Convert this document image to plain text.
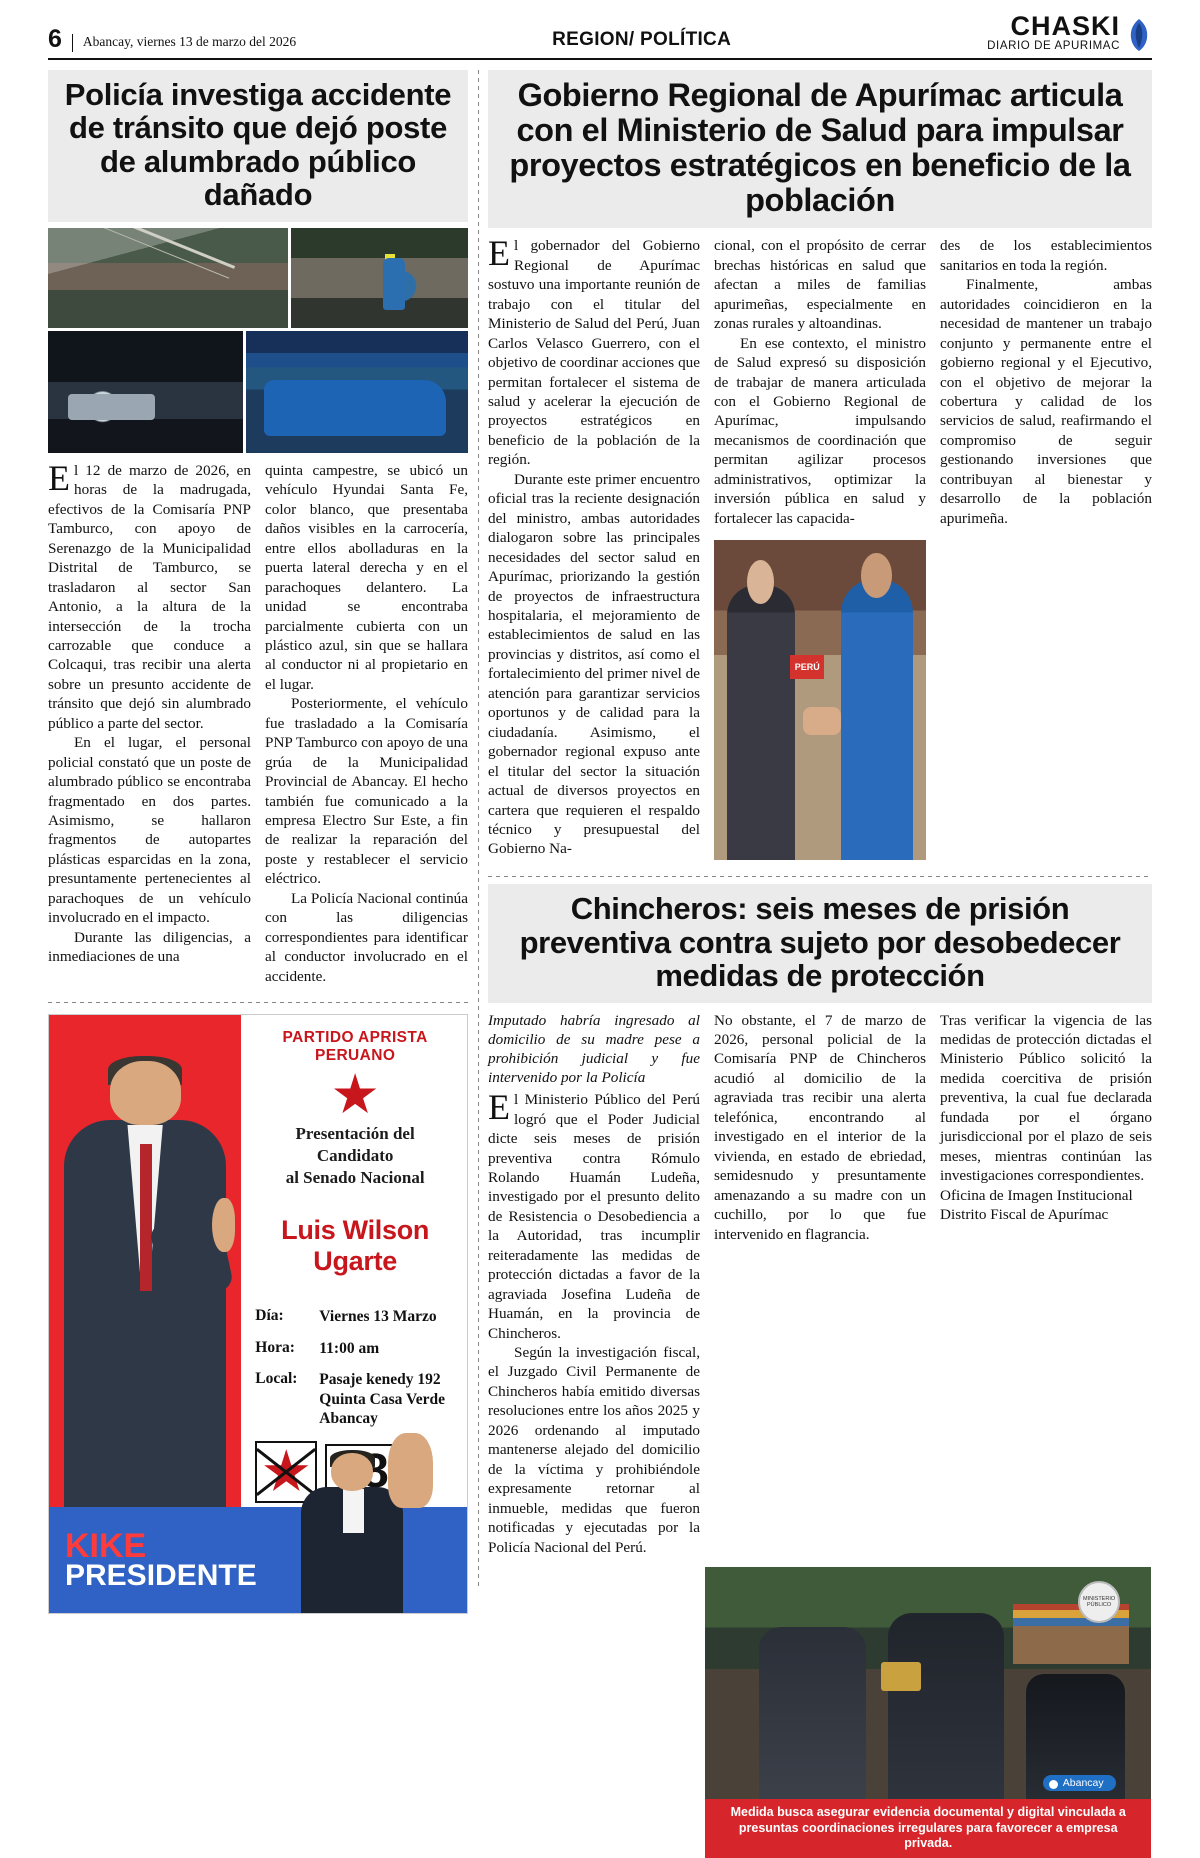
6	Abancay, viernes 13 de marzo del 2026	REGION/ POLÍTICA	CHASKI
DIARIO DE APURIMAC
Policía investiga accidente de tránsito que dejó poste de alumbrado público dañado

El 12 de marzo de 2026, en horas de la madrugada, efectivos de la Comisaría PNP Tamburco, con apoyo de Serenazgo de la Municipalidad Distrital de Tamburco, se trasladaron al sector San Antonio, a la altura de la intersección de la trocha carrozable que conduce a Colcaqui, tras recibir una alerta sobre un presunto accidente de tránsito que dejó sin alumbrado público a parte del sector.

En el lugar, el personal policial constató que un poste de alumbrado público se encontraba fragmentado en dos partes. Asimismo, se hallaron fragmentos de autopartes plásticas esparcidas en la zona, presuntamente pertenecientes al parachoques de un vehículo involucrado en el impacto.

Durante las diligencias, a inmediaciones de una

quinta campestre, se ubicó un vehículo Hyundai Santa Fe, color blanco, que presentaba daños visibles en la carrocería, entre ellos abolladuras en la puerta lateral derecha y en el parachoques delantero. La unidad se encontraba parcialmente cubierta con un plástico azul, sin que se hallara al conductor ni al propietario en el lugar.

Posteriormente, el vehículo fue trasladado a la Comisaría PNP Tamburco con apoyo de una grúa de la Municipalidad Provincial de Abancay. El hecho también fue comunicado a la empresa Electro Sur Este, a fin de realizar la reparación del poste y restablecer el servicio eléctrico.

La Policía Nacional continúa con las diligencias correspondientes para identificar al conductor involucrado en el accidente.

PARTIDO APRISTA PERUANO
Presentación del Candidato
al Senado Nacional
Luis Wilson Ugarte
Día:	Viernes 13 Marzo
Hora:	11:00 am
Local:	Pasaje kenedy 192 Quinta Casa Verde Abancay
KIKE
PRESIDENTE
Gobierno Regional de Apurímac articula con el Ministerio de Salud para impulsar proyectos estratégicos en beneficio de la población

El gobernador del Gobierno Regional de Apurímac sostuvo una importante reunión de trabajo con el titular del Ministerio de Salud del Perú, Juan Carlos Velasco Guerrero, con el objetivo de coordinar acciones que permitan fortalecer el sistema de salud y acelerar la ejecución de proyectos estratégicos en beneficio de la población de la región.

Durante este primer encuentro oficial tras la reciente designación del ministro, ambas autoridades dialogaron sobre las principales necesidades del sector salud en Apurímac, priorizando la gestión de proyectos de infraestructura hospitalaria, el mejoramiento de establecimientos de salud en las provincias y distritos, así como el fortalecimiento del primer nivel de atención para garantizar servicios oportunos y de calidad para la ciudadanía. Asimismo, el gobernador regional expuso ante el titular del sector la situación actual de diversos proyectos en cartera que requieren el respaldo técnico y presupuestal del Gobierno Na-

cional, con el propósito de cerrar brechas históricas en salud que afectan a miles de familias apurimeñas, especialmente en zonas rurales y altoandinas.

En ese contexto, el ministro de Salud expresó su disposición de trabajar de manera articulada con el Gobierno Regional de Apurímac, impulsando mecanismos de coordinación que permitan agilizar procesos administrativos, optimizar la inversión pública en salud y fortalecer las capacida-

PERÚ

des de los establecimientos sanitarios en toda la región.

Finalmente, ambas autoridades coincidieron en la necesidad de mantener un trabajo conjunto y permanente entre el gobierno regional y el Ejecutivo, con el objetivo de mejorar la cobertura y calidad de los servicios de salud, reafirmando el compromiso de seguir gestionando inversiones que contribuyan al bienestar y desarrollo de la población apurimeña.

Chincheros: seis meses de prisión preventiva contra sujeto por desobedecer medidas de protección

Imputado habría ingresado al domicilio de su madre pese a prohibición judicial y fue intervenido por la Policía

El Ministerio Público del Perú logró que el Poder Judicial dicte seis meses de prisión preventiva contra Rómulo Rolando Huamán Ludeña, investigado por el presunto delito de Resistencia o Desobediencia a la Autoridad, tras incumplir reiteradamente las medidas de protección dictadas a favor de la agraviada Josefina Ludeña de Huamán, en la provincia de Chincheros.

Según la investigación fiscal, el Juzgado Civil Permanente de Chincheros había emitido diversas resoluciones entre los años 2025 y 2026 ordenando al imputado mantenerse alejado del domicilio de la víctima y prohibiéndole expresamente retornar al inmueble, medidas que fueron notificadas y ejecutadas por la Policía Nacional del Perú.

No obstante, el 7 de marzo de 2026, personal policial de la Comisaría PNP de Chincheros acudió al domicilio de la agraviada tras recibir una alerta telefónica, encontrando al investigado en el interior de la vivienda, en estado de ebriedad, semidesnudo y presuntamente amenazando a su madre con un cuchillo, por lo que fue intervenido en flagrancia.

Tras verificar la vigencia de las medidas de protección dictadas el Ministerio Público solicitó la medida coercitiva de prisión preventiva, la cual fue declarada fundada por el órgano jurisdiccional por el plazo de seis meses, mientras continúan las investigaciones correspondientes.

Oficina de Imagen Institucional Distrito Fiscal de Apurímac

MINISTERIO PÚBLICO
Abancay
Medida busca asegurar evidencia documental y digital vinculada a presuntas coordinaciones irregulares para favorecer a empresa privada.
